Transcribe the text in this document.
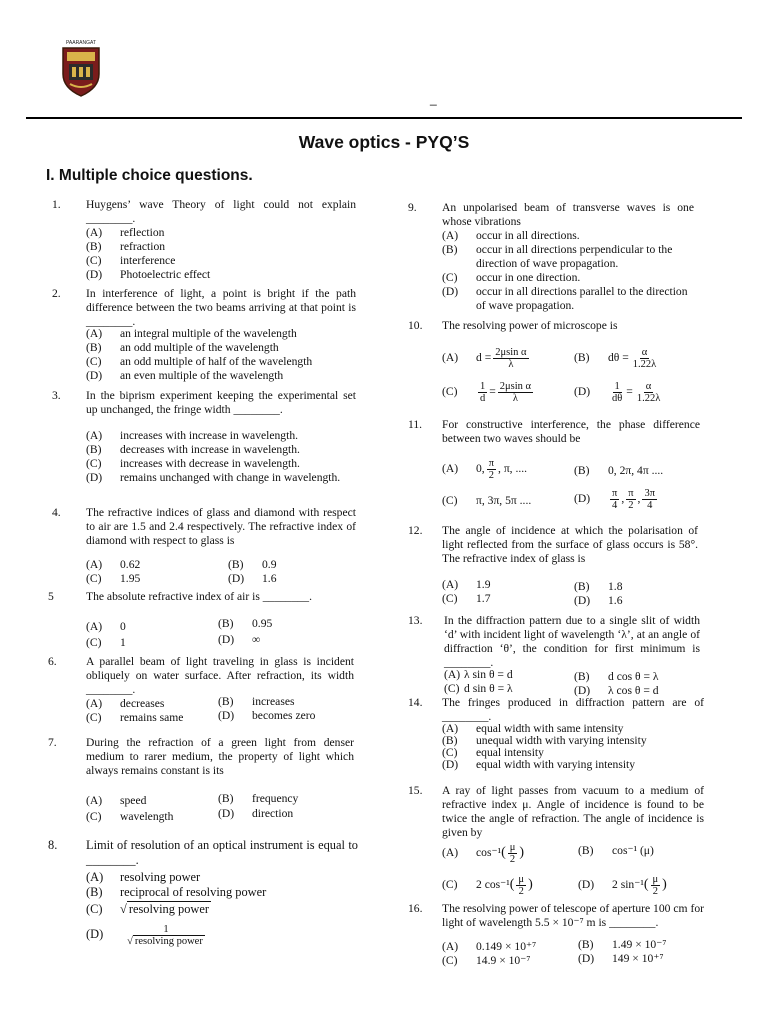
PAARANGAT
_
Wave optics - PYQ’S
I. Multiple choice questions.
1. Huygens’ wave Theory of light could not explain ________.
(A) reflection
(B) refraction
(C) interference
(D) Photoelectric effect
2. In interference of light, a point is bright if the path difference between the two beams arriving at that point is ________.
(A) an integral multiple of the wavelength
(B) an odd multiple of the wavelength
(C) an odd multiple of half of the wavelength
(D) an even multiple of the wavelength
3. In the biprism experiment keeping the experimental set up unchanged, the fringe width ________.
(A) increases with increase in wavelength.
(B) decreases with increase in wavelength.
(C) increases with decrease in wavelength.
(D) remains unchanged with change in wavelength.
4. The refractive indices of glass and diamond with respect to air are 1.5 and 2.4 respectively. The refractive index of diamond with respect to glass is
(A) 0.62	(B) 0.9
(C) 1.95	(D) 1.6
5	The absolute refractive index of air is ________.
(A) 0	(B) 0.95
(C) 1	(D) ∞
6.	A parallel beam of light traveling in glass is incident obliquely on water surface. After refraction, its width ________.
(A) decreases	(B) increases
(C) remains same	(D) becomes zero
7.	During the refraction of a green light from denser medium to rarer medium, the property of light which always remains constant is its
(A) speed	(B) frequency
(C) wavelength	(D) direction
8. Limit of resolution of an optical instrument is equal to ________.
(A) resolving power
(B) reciprocal of resolving power
(C) √ resolving power
$(D) \frac{1}{\text{√ resolving power}}$
9. An unpolarised beam of transverse waves is one whose vibrations
(A) occur in all directions.
(B)	occur in all directions perpendicular to the direction of wave propagation.
(C) occur in one direction.
(D)	occur in all directions parallel to the direction of wave propagation.
10. The resolving power of microscope is
(A) $d = \frac{\text{2μsin α}}{\lambda}$	(B) $d\theta = \frac{\alpha}{1.22\lambda}$
$(C) \frac{1}{d} = \frac{\text{2μsin α}}{\lambda}$	$(D) \frac{1}{d\theta} = \frac{\alpha}{1.22\lambda}$
11. For constructive interference, the phase difference between two waves should be
(A) 0, $\frac{\pi}{2}$ , π, ....	(B) 0, 2π, 4π ....
(C) π, 3π, 5π ....	$(D) \frac{\pi}{4}$ , $\frac{\pi}{2}$ , $\frac{3\pi}{4}$
12. The angle of incidence at which the polarisation of light reflected from the surface of glass occurs is 58°. The refractive index of glass is
(A) 1.9	(B) 1.8
(C) 1.7	(D) 1.6
13. In the diffraction pattern due to a single slit of width ‘d’ with incident light of wavelength ‘λ’, at an angle of diffraction ‘θ’, the condition for first minimum is ________.
(A) λ sin θ = d	(B) d cos θ = λ
(C) d sin θ = λ	(D) λ cos θ = d
14. The fringes produced in diffraction pattern are of ________.
(A) equal width with same intensity
(B) unequal width with varying intensity
(C) equal intensity
(D) equal width with varying intensity
15. A ray of light passes from vacuum to a medium of refractive index μ. Angle of incidence is found to be twice the angle of refraction. The angle of incidence is given by
(A) $\cos^{-1}( \frac{\mu}{2}$ )	(B) cos⁻¹ (μ)
(C) 2 $\cos^{-1}( \frac{\mu}{2}$ )	(D) 2 $\sin^{-1}( \frac{\mu}{2}$ )
16. The resolving power of telescope of aperture 100 cm for light of wavelength 5.5 × 10⁻⁷ m is ________.
(A) 0.149 × 10⁺⁷	(B) 1.49 × 10⁻⁷
(C) 14.9 × 10⁻⁷	(D) 149 × 10⁺⁷
